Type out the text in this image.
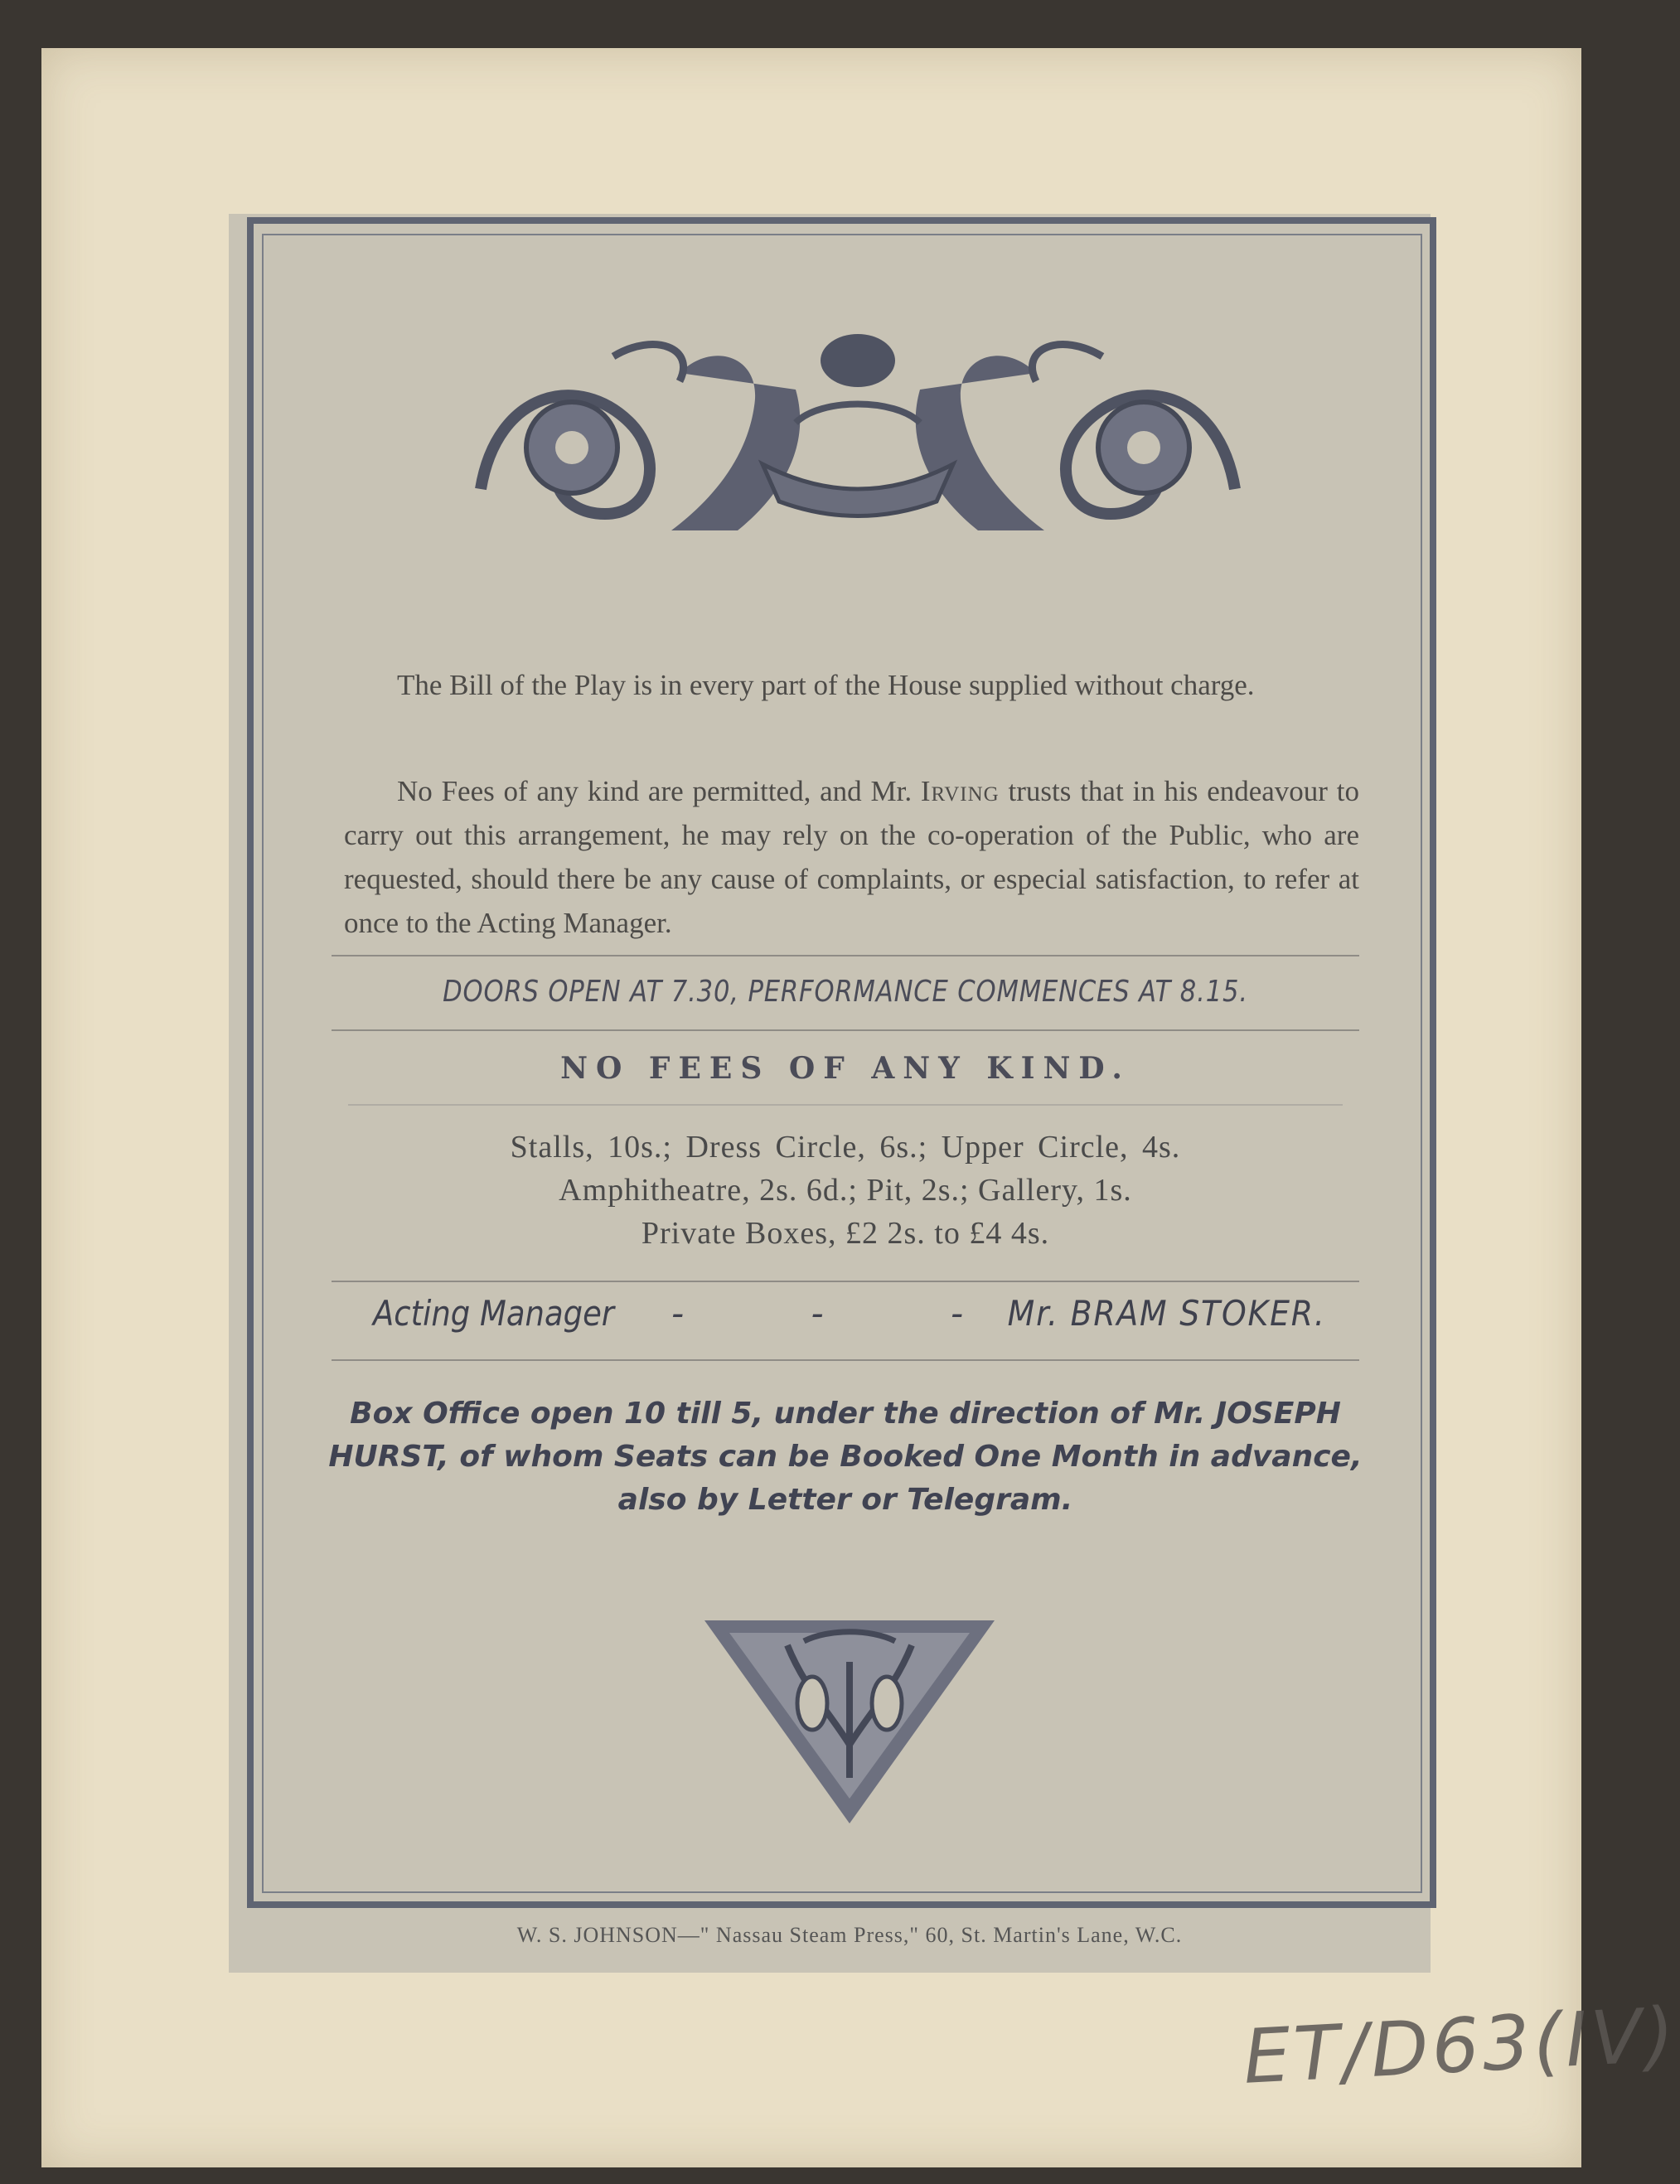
The Bill of the Play is in every part of the House supplied without charge.
No Fees of any kind are permitted, and Mr. Irving trusts that in his endeavour to carry out this arrangement, he may rely on the co-operation of the Public, who are requested, should there be any cause of complaints, or especial satisfaction, to refer at once to the Acting Manager.
DOORS OPEN AT 7.30, PERFORMANCE COMMENCES AT 8.15.
NO FEES OF ANY KIND.
Stalls, 10s.; Dress Circle, 6s.; Upper Circle, 4s.
Amphitheatre, 2s. 6d.; Pit, 2s.; Gallery, 1s.
Private Boxes, £2 2s. to £4 4s.
Acting Manager - - -
Mr. BRAM STOKER.
Box Office open 10 till 5, under the direction of Mr. JOSEPH HURST, of whom Seats can be Booked One Month in advance, also by Letter or Telegram.
W. S. JOHNSON—" Nassau Steam Press," 60, St. Martin's Lane, W.C.
ET/D63(IV)
